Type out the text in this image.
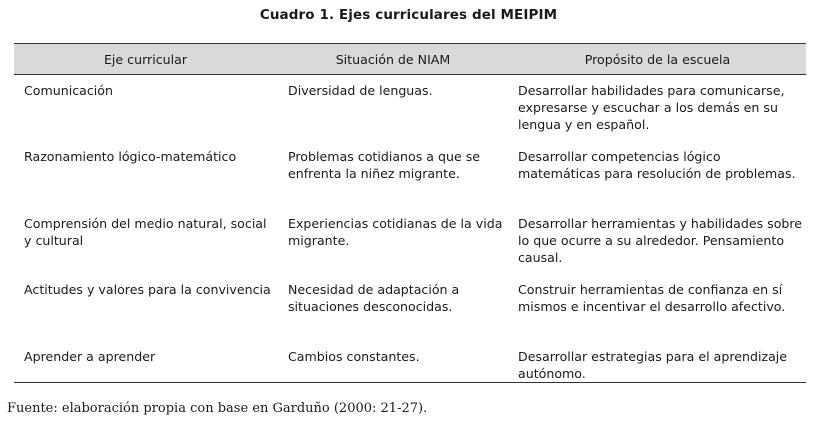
Cuadro 1. Ejes curriculares del MEIPIM
Eje curricular	Situación de NIAM	Propósito de la escuela
Comunicación	Diversidad de lenguas.	Desarrollar habilidades para comunicarse, expresarse y escuchar a los demás en su lengua y en español.
Razonamiento lógico-matemático	Problemas cotidianos a que se enfrenta la niñez migrante.	Desarrollar competencias lógico matemáticas para resolución de problemas.
Comprensión del medio natural, social y cultural	Experiencias cotidianas de la vida migrante.	Desarrollar herramientas y habilidades sobre lo que ocurre a su alrededor. Pensamiento causal.
Actitudes y valores para la convivencia	Necesidad de adaptación a situaciones desconocidas.	Construir herramientas de confianza en sí mismos e incentivar el desarrollo afectivo.
Aprender a aprender	Cambios constantes.	Desarrollar estrategias para el aprendizaje autónomo.
Fuente: elaboración propia con base en Garduño (2000: 21-27).
